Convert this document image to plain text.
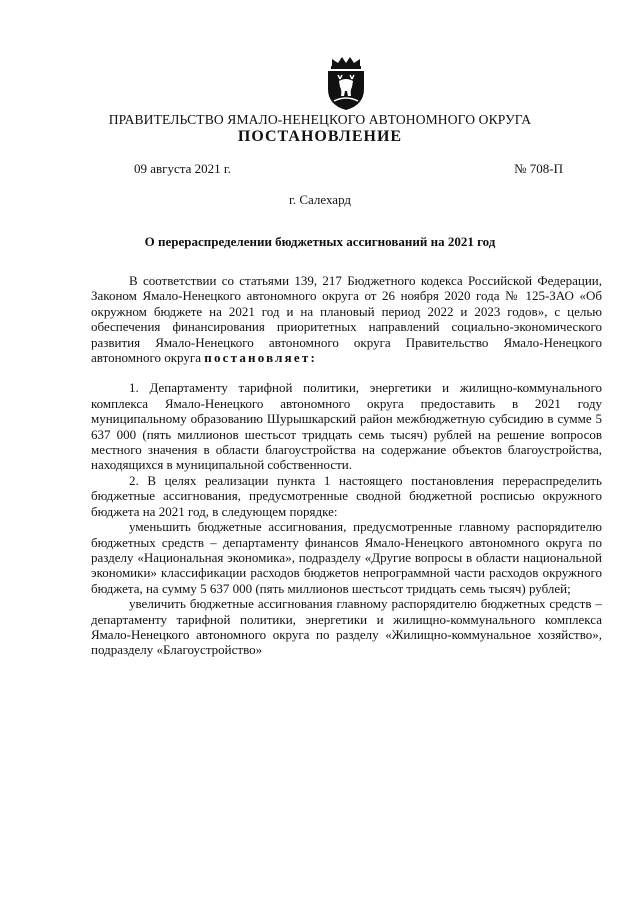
ПРАВИТЕЛЬСТВО ЯМАЛО-НЕНЕЦКОГО АВТОНОМНОГО ОКРУГА
ПОСТАНОВЛЕНИЕ
09 августа 2021 г.	№ 708-П
г. Салехард
О перераспределении бюджетных ассигнований на 2021 год

В соответствии со статьями 139, 217 Бюджетного кодекса Российской Федерации, Законом Ямало-Ненецкого автономного округа от 26 ноября 2020 года № 125-ЗАО «Об окружном бюджете на 2021 год и на плановый период 2022 и 2023 годов», с целью обеспечения финансирования приоритетных направлений социально-экономического развития Ямало-Ненецкого автономного округа Правительство Ямало-Ненецкого автономного округа постановляет:

1. Департаменту тарифной политики, энергетики и жилищно-коммунального комплекса Ямало-Ненецкого автономного округа предоставить в 2021 году муниципальному образованию Шурышкарский район межбюджетную субсидию в сумме 5 637 000 (пять миллионов шестьсот тридцать семь тысяч) рублей на решение вопросов местного значения в области благоустройства на содержание объектов благоустройства, находящихся в муниципальной собственности.

2. В целях реализации пункта 1 настоящего постановления перераспределить бюджетные ассигнования, предусмотренные сводной бюджетной росписью окружного бюджета на 2021 год, в следующем порядке:

уменьшить бюджетные ассигнования, предусмотренные главному распорядителю бюджетных средств – департаменту финансов Ямало-Ненецкого автономного округа по разделу «Национальная экономика», подразделу «Другие вопросы в области национальной экономики» классификации расходов бюджетов непрограммной части расходов окружного бюджета, на сумму 5 637 000 (пять миллионов шестьсот тридцать семь тысяч) рублей;

увеличить бюджетные ассигнования главному распорядителю бюджетных средств – департаменту тарифной политики, энергетики и жилищно-коммунального комплекса Ямало-Ненецкого автономного округа по разделу «Жилищно-коммунальное хозяйство», подразделу «Благоустройство»
